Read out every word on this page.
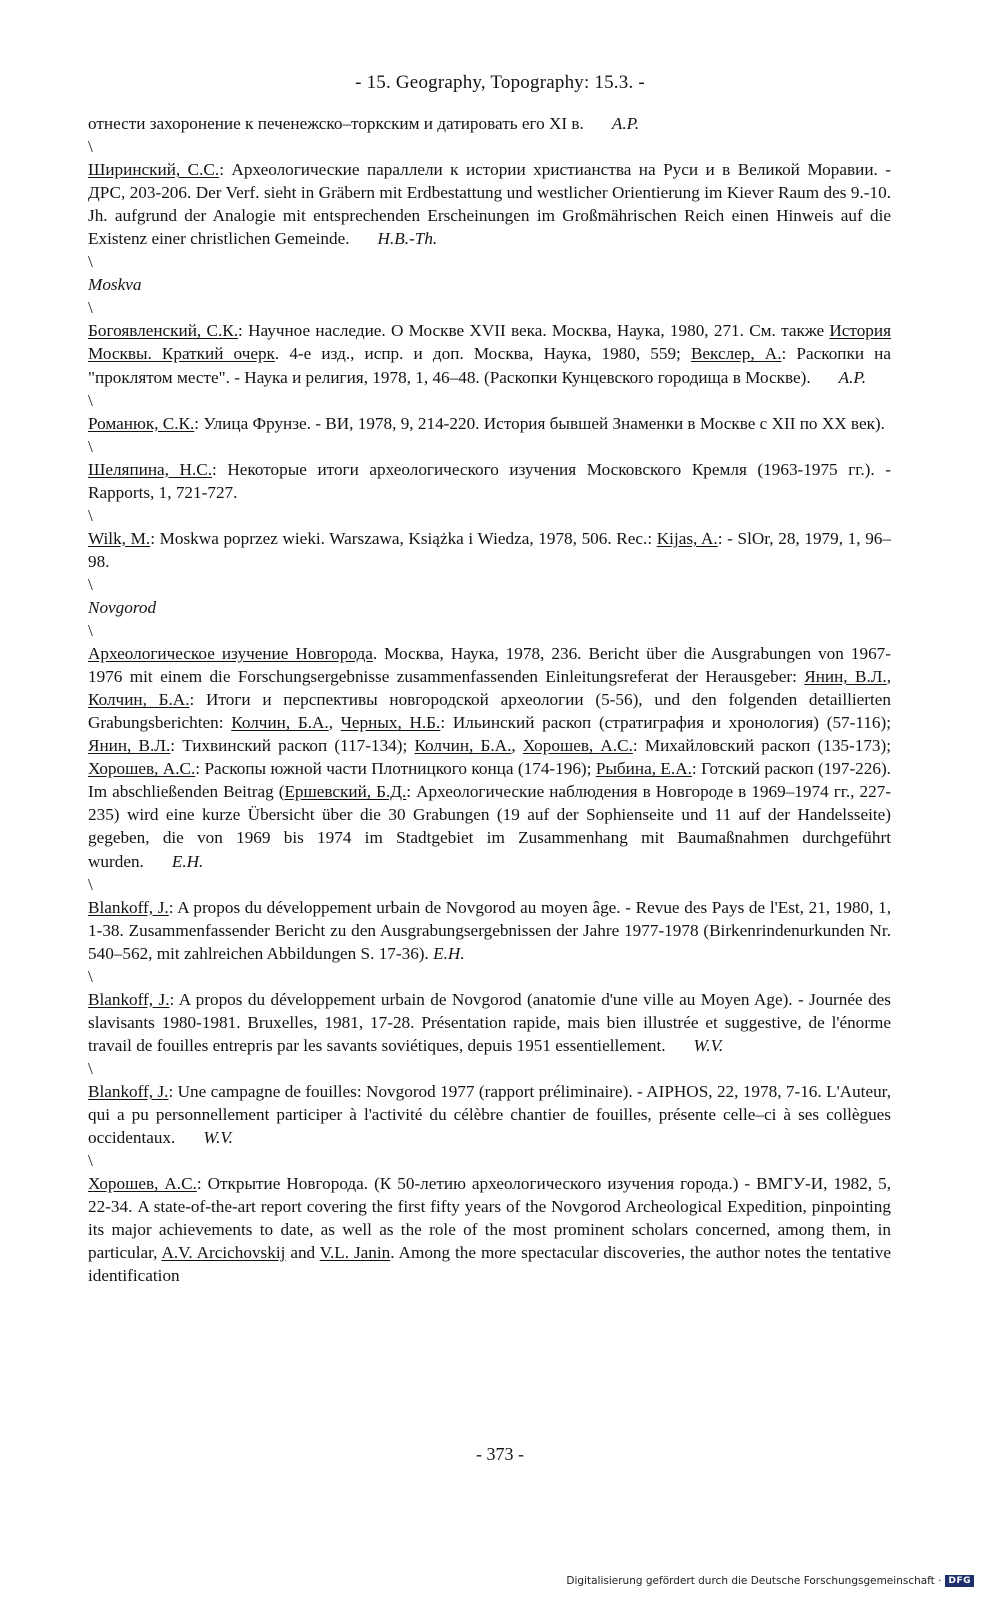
- 15. Geography, Topography: 15.3. -

отнести захоронение к печенежско–торкским и датировать его XI в. A.P.

\

Ширинский, С.С.: Археологические параллели к истории христианства на Руси и в Великой Моравии. - ДРС, 203-206. Der Verf. sieht in Gräbern mit Erdbestattung und westlicher Orientierung im Kiever Raum des 9.-10. Jh. aufgrund der Analogie mit entsprechenden Erscheinungen im Großmährischen Reich einen Hinweis auf die Existenz einer christlichen Gemeinde. H.B.-Th.

\

Moskva

\

Богоявленский, С.К.: Научное наследие. О Москве XVII века. Москва, Наука, 1980, 271. См. также История Москвы. Краткий очерк. 4-е изд., испр. и доп. Москва, Наука, 1980, 559; Векслер, А.: Раскопки на "проклятом месте". - Наука и религия, 1978, 1, 46–48. (Раскопки Кунцевского городища в Москве). A.P.

\

Романюк, С.К.: Улица Фрунзе. - ВИ, 1978, 9, 214-220. История бывшей Знаменки в Москве с XII по XX век).

\

Шеляпина, Н.С.: Некоторые итоги археологического изучения Московского Кремля (1963-1975 гг.). - Rapports, 1, 721-727.

\

Wilk, M.: Moskwa poprzez wieki. Warszawa, Książka i Wiedza, 1978, 506. Rec.: Kijas, A.: - SlOr, 28, 1979, 1, 96–98.

\

Novgorod

\

Археологическое изучение Новгорода. Москва, Наука, 1978, 236. Bericht über die Ausgrabungen von 1967-1976 mit einem die Forschungsergebnisse zusammenfassenden Einleitungsreferat der Herausgeber: Янин, В.Л., Колчин, Б.А.: Итоги и перспективы новгородской археологии (5-56), und den folgenden detaillierten Grabungsberichten: Колчин, Б.А., Черных, Н.Б.: Ильинский раскоп (стратиграфия и хронология) (57-116); Янин, В.Л.: Тихвинский раскоп (117-134); Колчин, Б.А., Хорошев, А.С.: Михайловский раскоп (135-173); Хорошев, А.С.: Раскопы южной части Плотницкого конца (174-196); Рыбина, Е.А.: Готский раскоп (197-226). Im abschließenden Beitrag (Ершевский, Б.Д.: Археологические наблюдения в Новгороде в 1969–1974 гг., 227-235) wird eine kurze Übersicht über die 30 Grabungen (19 auf der Sophienseite und 11 auf der Handelsseite) gegeben, die von 1969 bis 1974 im Stadtgebiet im Zusammenhang mit Baumaßnahmen durchgeführt wurden. E.H.

\

Blankoff, J.: A propos du développement urbain de Novgorod au moyen âge. - Revue des Pays de l'Est, 21, 1980, 1, 1-38. Zusammenfassender Bericht zu den Ausgrabungsergebnissen der Jahre 1977-1978 (Birkenrindenurkunden Nr. 540–562, mit zahlreichen Abbildungen S. 17-36). E.H.

\

Blankoff, J.: A propos du développement urbain de Novgorod (anatomie d'une ville au Moyen Age). - Journée des slavisants 1980-1981. Bruxelles, 1981, 17-28. Présentation rapide, mais bien illustrée et suggestive, de l'énorme travail de fouilles entrepris par les savants soviétiques, depuis 1951 essentiellement. W.V.

\

Blankoff, J.: Une campagne de fouilles: Novgorod 1977 (rapport préliminaire). - AIPHOS, 22, 1978, 7-16. L'Auteur, qui a pu personnellement participer à l'activité du célèbre chantier de fouilles, présente celle–ci à ses collègues occidentaux. W.V.

\

Хорошев, А.С.: Открытие Новгорода. (К 50-летию археологического изучения города.) - ВМГУ-И, 1982, 5, 22-34. A state-of-the-art report covering the first fifty years of the Novgorod Archeological Expedition, pinpointing its major achievements to date, as well as the role of the most prominent scholars concerned, among them, in particular, A.V. Arcichovskij and V.L. Janin. Among the more spectacular discoveries, the author notes the tentative identification

- 373 -
Digitalisierung gefördert durch die Deutsche Forschungsgemeinschaft · DFG
